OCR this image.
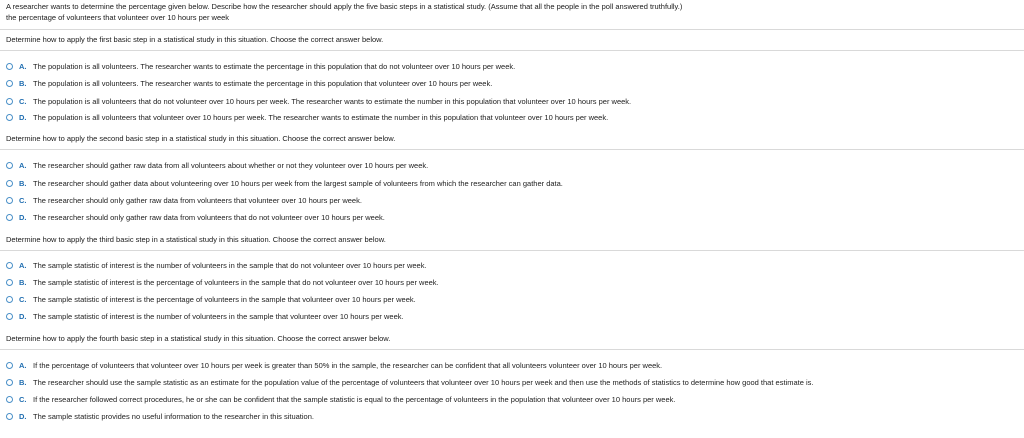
A researcher wants to determine the percentage given below. Describe how the researcher should apply the five basic steps in a statistical study. (Assume that all the people in the poll answered truthfully.)
the percentage of volunteers that volunteer over 10 hours per week
Determine how to apply the first basic step in a statistical study in this situation. Choose the correct answer below.
A. The population is all volunteers. The researcher wants to estimate the percentage in this population that do not volunteer over 10 hours per week.
B. The population is all volunteers. The researcher wants to estimate the percentage in this population that volunteer over 10 hours per week.
C. The population is all volunteers that do not volunteer over 10 hours per week. The researcher wants to estimate the number in this population that volunteer over 10 hours per week.
D. The population is all volunteers that volunteer over 10 hours per week. The researcher wants to estimate the number in this population that volunteer over 10 hours per week.
Determine how to apply the second basic step in a statistical study in this situation. Choose the correct answer below.
A. The researcher should gather raw data from all volunteers about whether or not they volunteer over 10 hours per week.
B. The researcher should gather data about volunteering over 10 hours per week from the largest sample of volunteers from which the researcher can gather data.
C. The researcher should only gather raw data from volunteers that volunteer over 10 hours per week.
D. The researcher should only gather raw data from volunteers that do not volunteer over 10 hours per week.
Determine how to apply the third basic step in a statistical study in this situation. Choose the correct answer below.
A. The sample statistic of interest is the number of volunteers in the sample that do not volunteer over 10 hours per week.
B. The sample statistic of interest is the percentage of volunteers in the sample that do not volunteer over 10 hours per week.
C. The sample statistic of interest is the percentage of volunteers in the sample that volunteer over 10 hours per week.
D. The sample statistic of interest is the number of volunteers in the sample that volunteer over 10 hours per week.
Determine how to apply the fourth basic step in a statistical study in this situation. Choose the correct answer below.
A. If the percentage of volunteers that volunteer over 10 hours per week is greater than 50% in the sample, the researcher can be confident that all volunteers volunteer over 10 hours per week.
B. The researcher should use the sample statistic as an estimate for the population value of the percentage of volunteers that volunteer over 10 hours per week and then use the methods of statistics to determine how good that estimate is.
C. If the researcher followed correct procedures, he or she can be confident that the sample statistic is equal to the percentage of volunteers in the population that volunteer over 10 hours per week.
D. The sample statistic provides no useful information to the researcher in this situation.
